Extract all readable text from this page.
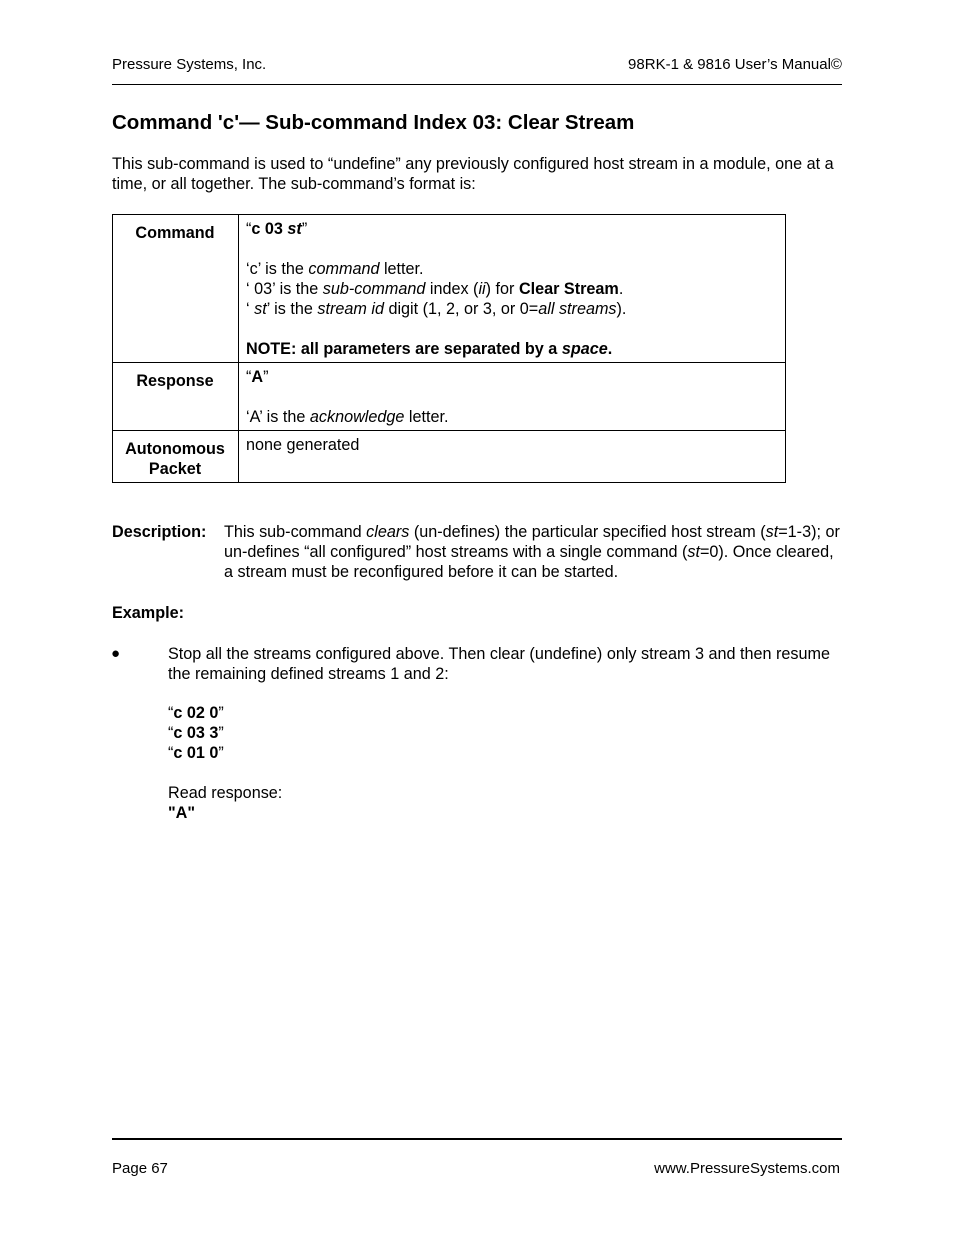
Pressure Systems, Inc.	98RK-1 & 9816 User’s Manual©
Command 'c'— Sub-command Index 03: Clear Stream
This sub-command is used to “undefine” any previously configured host stream in a module, one at a time, or all together. The sub-command’s format is:
Command	“c 03 st”
‘c’ is the command letter.
‘ 03’ is the sub-command index (ii) for Clear Stream.
‘ st’ is the stream id digit (1, 2, or 3, or 0=all streams).
NOTE: all parameters are separated by a space.

Response	“A”
‘A’ is the acknowledge letter.

Autonomous
Packet	none generated
Description: This sub-command clears (un-defines) the particular specified host stream (st=1-3); or un-defines “all configured” host streams with a single command (st=0). Once cleared, a stream must be reconfigured before it can be started.
Example:
●	Stop all the streams configured above. Then clear (undefine) only stream 3 and then resume the remaining defined streams 1 and 2:
“c 02 0”
“c 03 3”
“c 01 0”
Read response:
"A"
Page 67	www.PressureSystems.com
